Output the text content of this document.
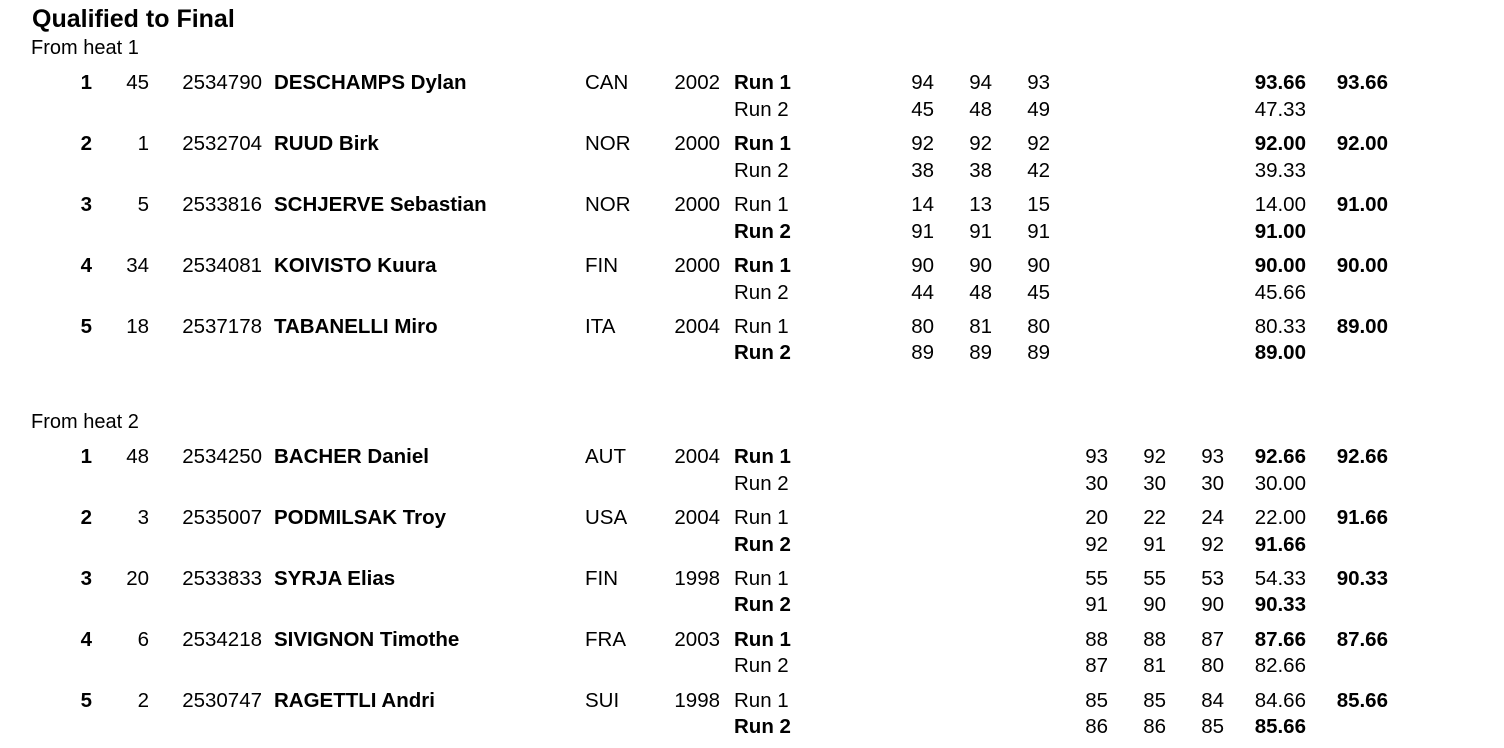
Qualified to Final
From heat 1
1	45	2534790 DESCHAMPS Dylan	CAN	2002 Run 1	94	94	93	93.66	93.66
Run 2	45	48	49	47.33
2	1	2532704 RUUD Birk	NOR	2000 Run 1	92	92	92	92.00	92.00
Run 2	38	38	42	39.33
3	5	2533816 SCHJERVE Sebastian	NOR	2000 Run 1	14	13	15	14.00	91.00
Run 2	91	91	91	91.00
4	34	2534081 KOIVISTO Kuura	FIN	2000 Run 1	90	90	90	90.00	90.00
Run 2	44	48	45	45.66
5	18	2537178 TABANELLI Miro	ITA	2004 Run 1	80	81	80	80.33	89.00
Run 2	89	89	89	89.00
From heat 2
1	48	2534250 BACHER Daniel	AUT	2004 Run 1	93	92	93	92.66	92.66
Run 2	30	30	30	30.00
2	3	2535007 PODMILSAK Troy	USA	2004 Run 1	20	22	24	22.00	91.66
Run 2	92	91	92	91.66
3	20	2533833 SYRJA Elias	FIN	1998 Run 1	55	55	53	54.33	90.33
Run 2	91	90	90	90.33
4	6	2534218 SIVIGNON Timothe	FRA	2003 Run 1	88	88	87	87.66	87.66
Run 2	87	81	80	82.66
5	2	2530747 RAGETTLI Andri	SUI	1998 Run 1	85	85	84	84.66	85.66
Run 2	86	86	85	85.66
